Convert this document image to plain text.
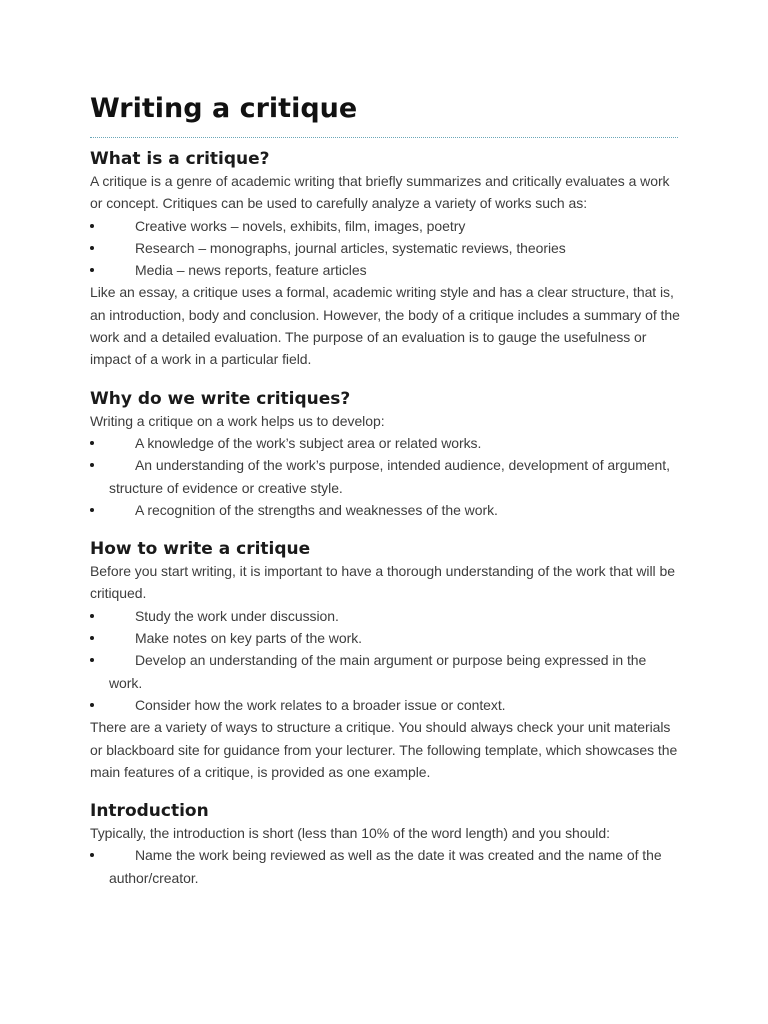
Writing a critique
What is a critique?

A critique is a genre of academic writing that briefly summarizes and critically evaluates a work or concept. Critiques can be used to carefully analyze a variety of works such as:

Creative works – novels, exhibits, film, images, poetry
Research – monographs, journal articles, systematic reviews, theories
Media – news reports, feature articles

Like an essay, a critique uses a formal, academic writing style and has a clear structure, that is, an introduction, body and conclusion. However, the body of a critique includes a summary of the work and a detailed evaluation. The purpose of an evaluation is to gauge the usefulness or impact of a work in a particular field.

Why do we write critiques?

Writing a critique on a work helps us to develop:

A knowledge of the work’s subject area or related works.
An understanding of the work’s purpose, intended audience, development of argument, structure of evidence or creative style.
A recognition of the strengths and weaknesses of the work.
How to write a critique

Before you start writing, it is important to have a thorough understanding of the work that will be critiqued.

Study the work under discussion.
Make notes on key parts of the work.
Develop an understanding of the main argument or purpose being expressed in the work.
Consider how the work relates to a broader issue or context.

There are a variety of ways to structure a critique. You should always check your unit materials or blackboard site for guidance from your lecturer. The following template, which showcases the main features of a critique, is provided as one example.

Introduction

Typically, the introduction is short (less than 10% of the word length) and you should:

Name the work being reviewed as well as the date it was created and the name of the author/creator.
